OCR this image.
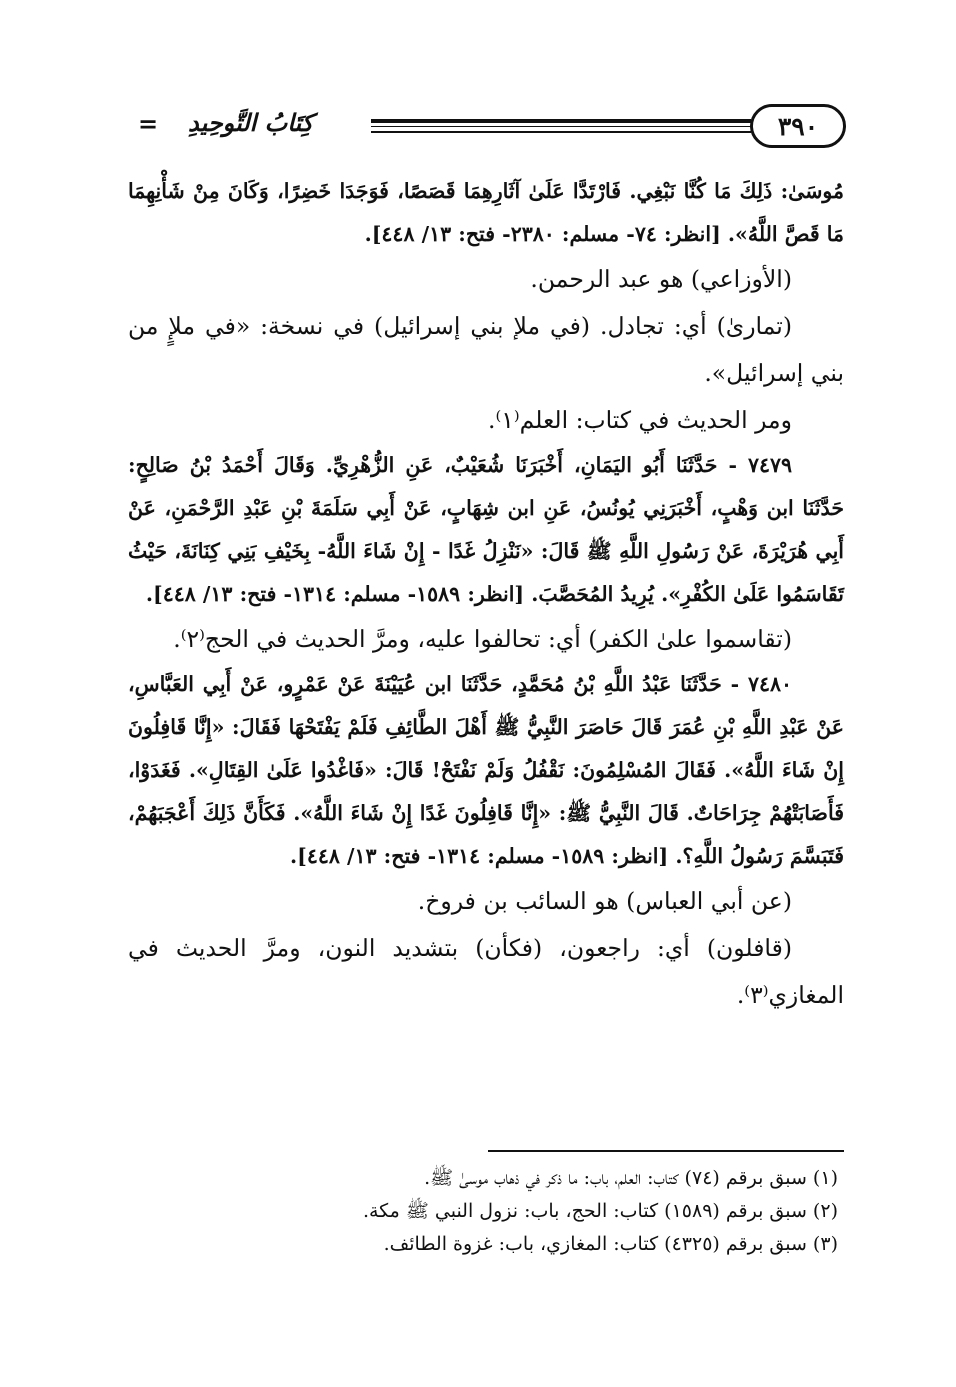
٣٩٠
كِتَابُ التَّوحِيدِ
=

مُوسَىٰ: ذَلِكَ مَا كُنَّا نَبْغِي. فَارْتَدَّا عَلَىٰ آثَارِهِمَا قَصَصًا، فَوَجَدَا خَضِرًا، وَكَانَ مِنْ شَأْنِهِمَا مَا قَصَّ اللَّهُ». [انظر: ٧٤- مسلم: ٢٣٨٠- فتح: ١٣/ ٤٤٨].

(الأوزاعي) هو عبد الرحمن.

(تماریٰ) أي: تجادل. (في ملإ بني إسرائيل) في نسخة: «في ملإٍ من بني إسرائيل».

ومر الحديث في كتاب: العلم⁽١⁾.

٧٤٧٩ - حَدَّثَنَا أَبُو اليَمَانِ، أَخْبَرَنَا شُعَيْبٌ، عَنِ الزُّهْرِيِّ. وَقَالَ أَحْمَدُ بْنُ صَالِحٍ: حَدَّثَنَا ابن وَهْبٍ، أَخْبَرَنِي يُونُسُ، عَنِ ابن شِهَابٍ، عَنْ أَبِي سَلَمَةَ بْنِ عَبْدِ الرَّحْمَنِ، عَنْ أَبِي هُرَيْرَةَ، عَنْ رَسُولِ اللَّهِ ﷺ قَالَ: «نَنْزِلُ غَدًا - إِنْ شَاءَ اللَّهُ- بِخَيْفِ بَنِي كِنَانَةَ، حَيْثُ تَقَاسَمُوا عَلَىٰ الكُفْرِ». يُرِيدُ المُحَصَّبَ. [انظر: ١٥٨٩- مسلم: ١٣١٤- فتح: ١٣/ ٤٤٨].

(تقاسموا علىٰ الكفر) أي: تحالفوا عليه، ومرَّ الحديث في الحج⁽٢⁾.

٧٤٨٠ - حَدَّثَنَا عَبْدُ اللَّهِ بْنُ مُحَمَّدٍ، حَدَّثَنَا ابن عُيَيْنَةَ عَنْ عَمْرٍو، عَنْ أَبِي العَبَّاسِ، عَنْ عَبْدِ اللَّهِ بْنِ عُمَرَ قَالَ حَاصَرَ النَّبِيُّ ﷺ أَهْلَ الطَّائِفِ فَلَمْ يَفْتَحْهَا فَقَالَ: «إِنَّا قَافِلُونَ إِنْ شَاءَ اللَّهُ». فَقَالَ المُسْلِمُونَ: نَقْفُلُ وَلَمْ نَفْتَحْ! قَالَ: «فَاغْدُوا عَلَىٰ القِتَالِ». فَغَدَوْا، فَأَصَابَتْهُمْ جِرَاحَاتٌ. قَالَ النَّبِيُّ ﷺ: «إِنَّا قَافِلُونَ غَدًا إِنْ شَاءَ اللَّهُ». فَكَأَنَّ ذَلِكَ أَعْجَبَهُمْ، فَتَبَسَّمَ رَسُولُ اللَّهِ؟. [انظر: ١٥٨٩- مسلم: ١٣١٤- فتح: ١٣/ ٤٤٨].

(عن أبي العباس) هو السائب بن فروخ.

(قافلون) أي: راجعون، (فكأن) بتشديد النون، ومرَّ الحديث في المغازي⁽٣⁾.

(١) سبق برقم (٧٤) كتاب: العلم، باب: ما ذكر في ذهاب موسىٰ ﷺ.

(٢) سبق برقم (١٥٨٩) كتاب: الحج، باب: نزول النبي ﷺ مكة.

(٣) سبق برقم (٤٣٢٥) كتاب: المغازي، باب: غزوة الطائف.
